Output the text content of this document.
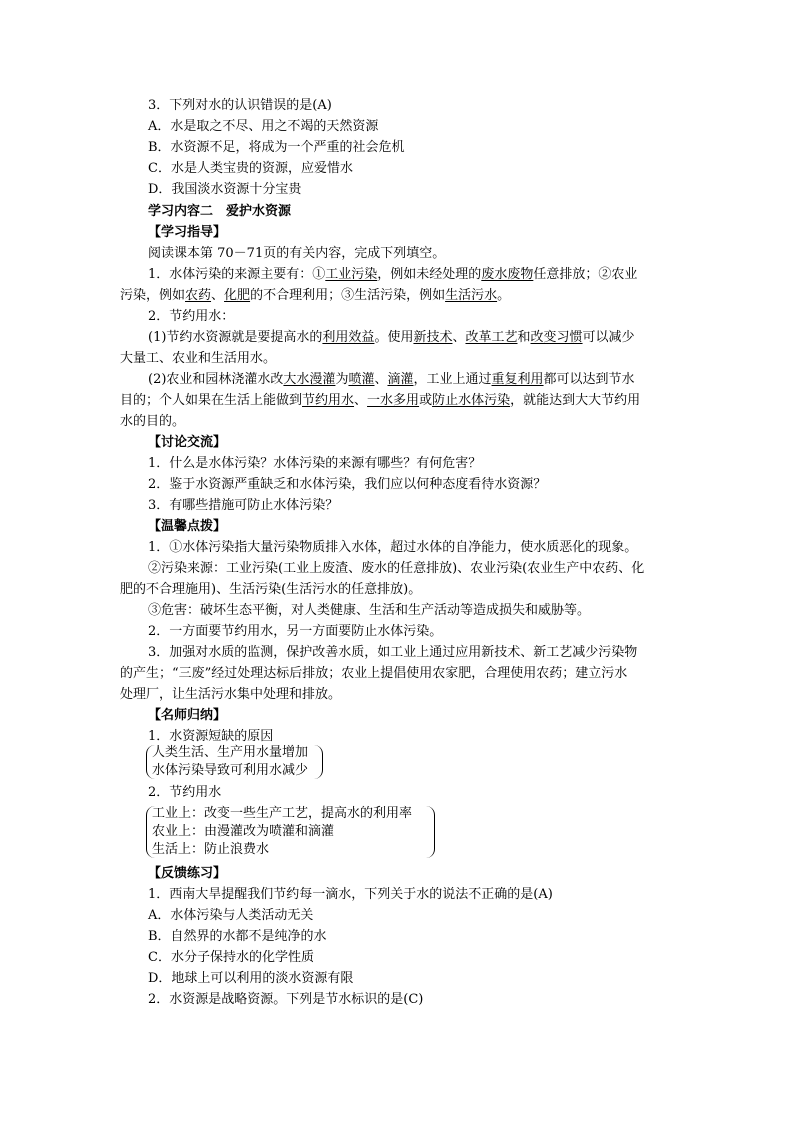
3．下列对水的认识错误的是(A)
A．水是取之不尽、用之不竭的天然资源
B．水资源不足，将成为一个严重的社会危机
C．水是人类宝贵的资源，应爱惜水
D．我国淡水资源十分宝贵
学习内容二　爱护水资源
【学习指导】
阅读课本第 70－71页的有关内容，完成下列填空。
1．水体污染的来源主要有：①工业污染，例如未经处理的废水废物任意排放；②农业
污染，例如农药、化肥的不合理利用；③生活污染，例如生活污水。
2．节约用水：
(1)节约水资源就是要提高水的利用效益。使用新技术、改革工艺和改变习惯可以减少
大量工、农业和生活用水。
(2)农业和园林浇灌水改大水漫灌为喷灌、滴灌，工业上通过重复利用都可以达到节水
目的；个人如果在生活上能做到节约用水、一水多用或防止水体污染，就能达到大大节约用
水的目的。
【讨论交流】
1．什么是水体污染？水体污染的来源有哪些？有何危害？
2．鉴于水资源严重缺乏和水体污染，我们应以何种态度看待水资源？
3．有哪些措施可防止水体污染？
【温馨点拨】
1．①水体污染指大量污染物质排入水体，超过水体的自净能力，使水质恶化的现象。
②污染来源：工业污染(工业上废渣、废水的任意排放)、农业污染(农业生产中农药、化
肥的不合理施用)、生活污染(生活污水的任意排放)。
③危害：破坏生态平衡，对人类健康、生活和生产活动等造成损失和威胁等。
2．一方面要节约用水，另一方面要防止水体污染。
3．加强对水质的监测，保护改善水质，如工业上通过应用新技术、新工艺减少污染物
的产生；“三废”经过处理达标后排放；农业上提倡使用农家肥，合理使用农药；建立污水
处理厂，让生活污水集中处理和排放。
【名师归纳】
1．水资源短缺的原因
人类生活、生产用水量增加
水体污染导致可利用水减少
2．节约用水
工业上：改变一些生产工艺，提高水的利用率
农业上：由漫灌改为喷灌和滴灌
生活上：防止浪费水
【反馈练习】
1．西南大旱提醒我们节约每一滴水，下列关于水的说法不正确的是(A)
A．水体污染与人类活动无关
B．自然界的水都不是纯净的水
C．水分子保持水的化学性质
D．地球上可以利用的淡水资源有限
2．水资源是战略资源。下列是节水标识的是(C)
